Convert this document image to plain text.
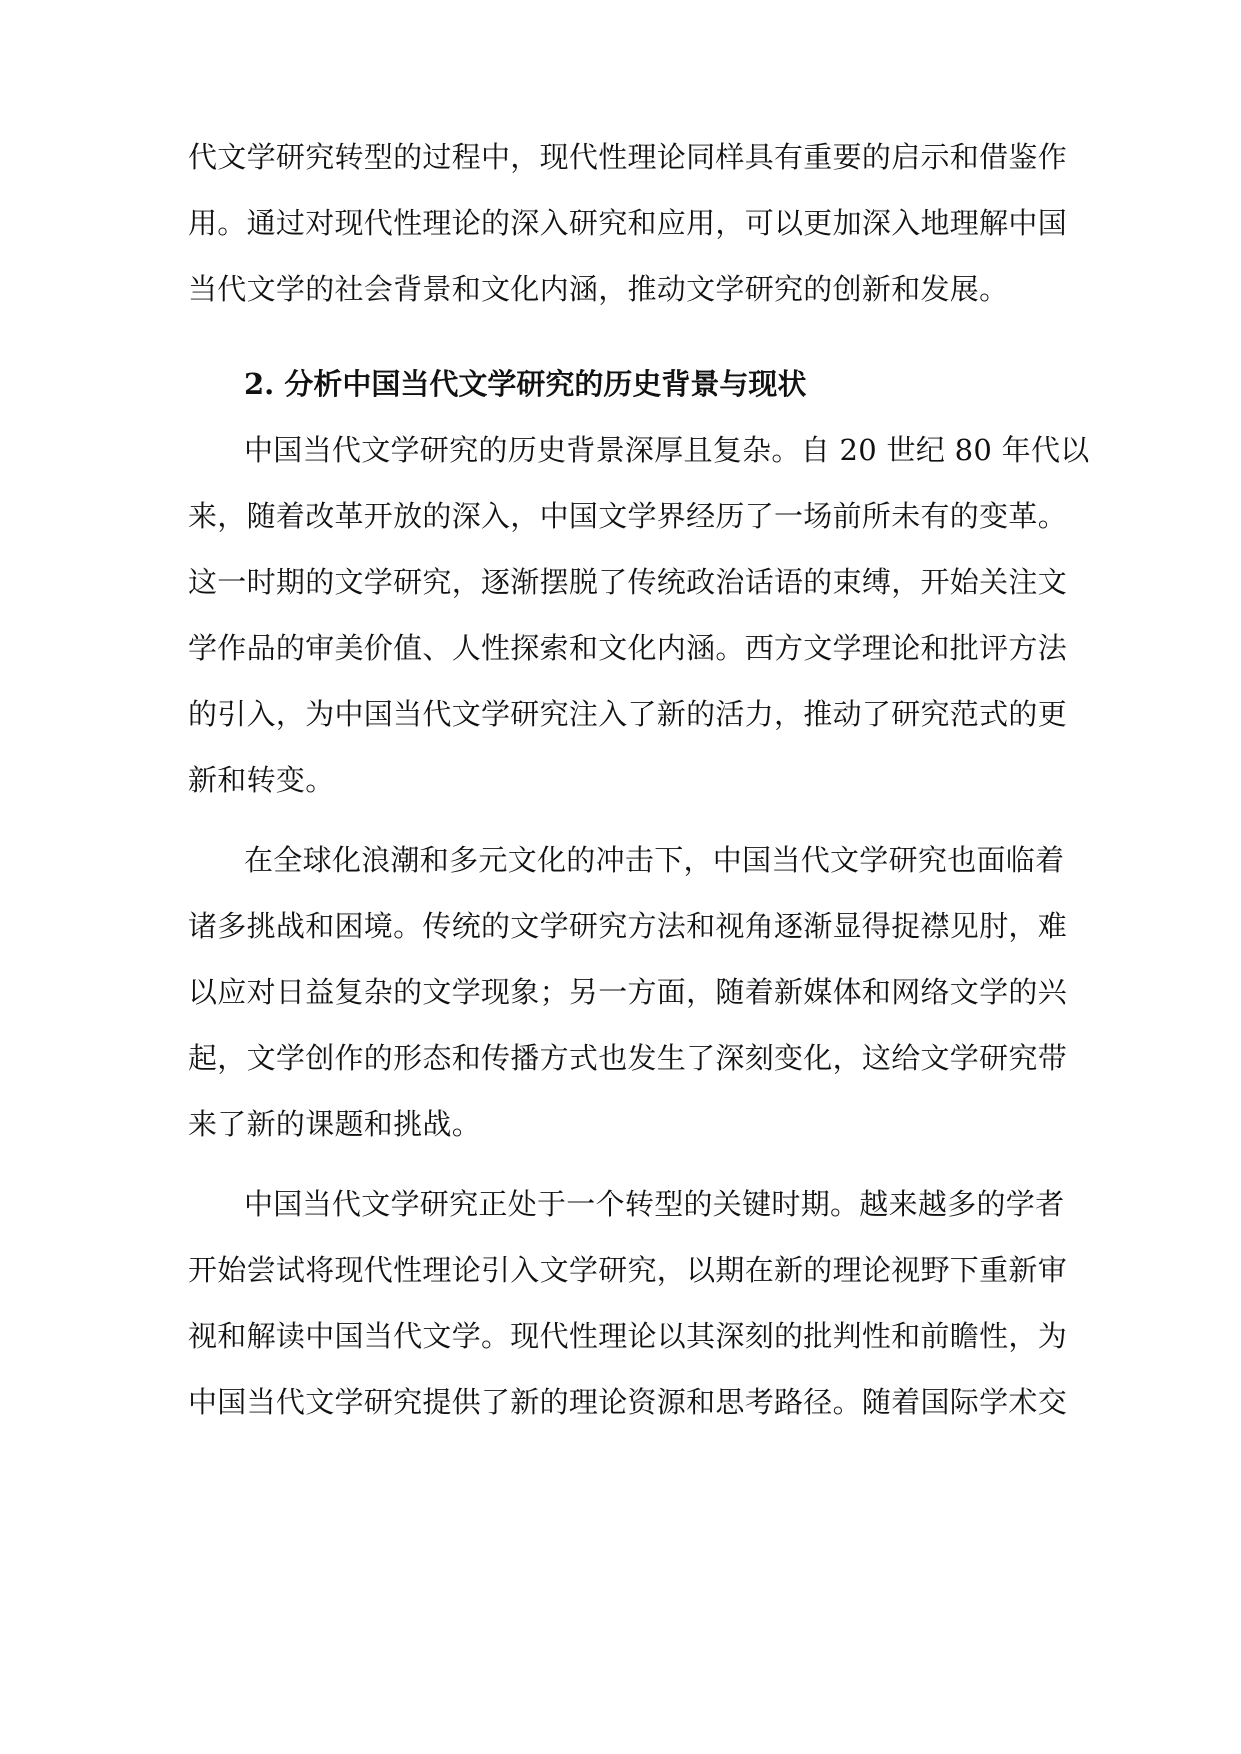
代文学研究转型的过程中，现代性理论同样具有重要的启示和借鉴作
用。通过对现代性理论的深入研究和应用，可以更加深入地理解中国
当代文学的社会背景和文化内涵，推动文学研究的创新和发展。
2. 分析中国当代文学研究的历史背景与现状
中国当代文学研究的历史背景深厚且复杂。自 20 世纪 80 年代以
来，随着改革开放的深入，中国文学界经历了一场前所未有的变革。
这一时期的文学研究，逐渐摆脱了传统政治话语的束缚，开始关注文
学作品的审美价值、人性探索和文化内涵。西方文学理论和批评方法
的引入，为中国当代文学研究注入了新的活力，推动了研究范式的更
新和转变。
在全球化浪潮和多元文化的冲击下，中国当代文学研究也面临着
诸多挑战和困境。传统的文学研究方法和视角逐渐显得捉襟见肘，难
以应对日益复杂的文学现象；另一方面，随着新媒体和网络文学的兴
起，文学创作的形态和传播方式也发生了深刻变化，这给文学研究带
来了新的课题和挑战。
中国当代文学研究正处于一个转型的关键时期。越来越多的学者
开始尝试将现代性理论引入文学研究，以期在新的理论视野下重新审
视和解读中国当代文学。现代性理论以其深刻的批判性和前瞻性，为
中国当代文学研究提供了新的理论资源和思考路径。随着国际学术交
